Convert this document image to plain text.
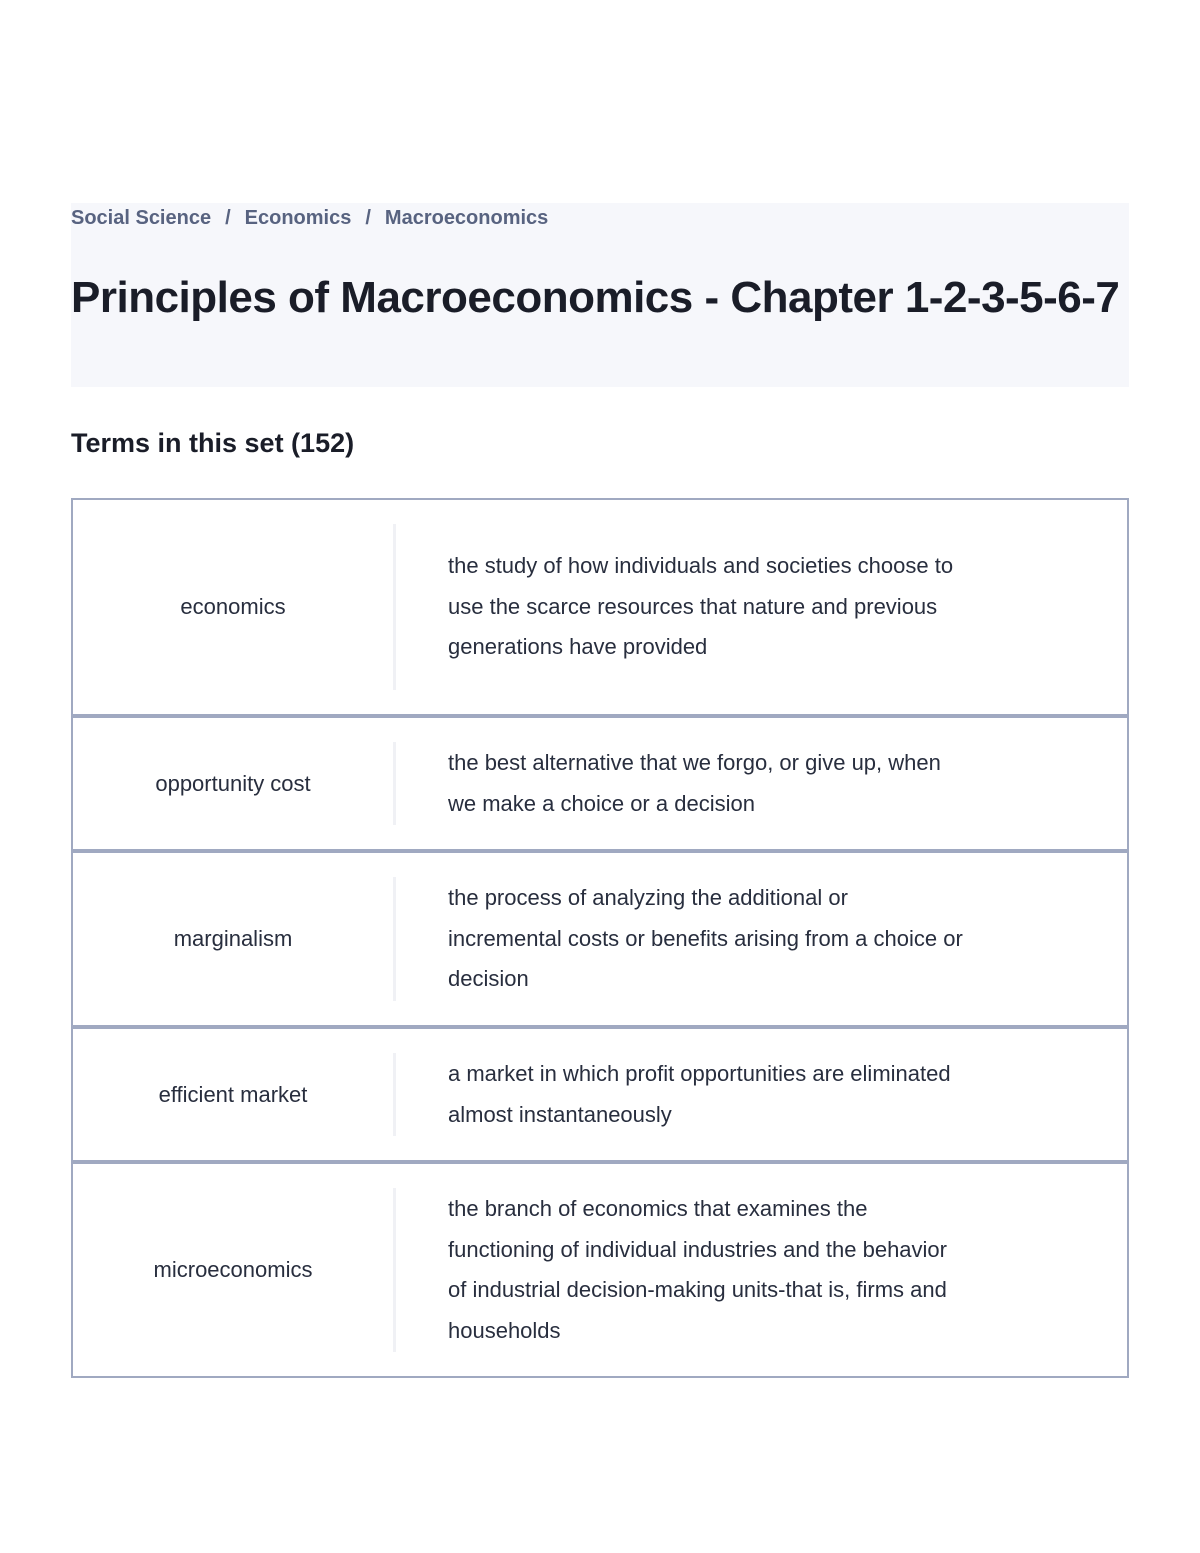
Social Science / Economics / Macroeconomics
Principles of Macroeconomics - Chapter 1-2-3-5-6-7
Terms in this set (152)
economics
the study of how individuals and societies choose to use the scarce resources that nature and previous generations have provided
opportunity cost
the best alternative that we forgo, or give up, when we make a choice or a decision
marginalism
the process of analyzing the additional or incremental costs or benefits arising from a choice or decision
efficient market
a market in which profit opportunities are eliminated almost instantaneously
microeconomics
the branch of economics that examines the functioning of individual industries and the behavior of industrial decision-making units-that is, firms and households
